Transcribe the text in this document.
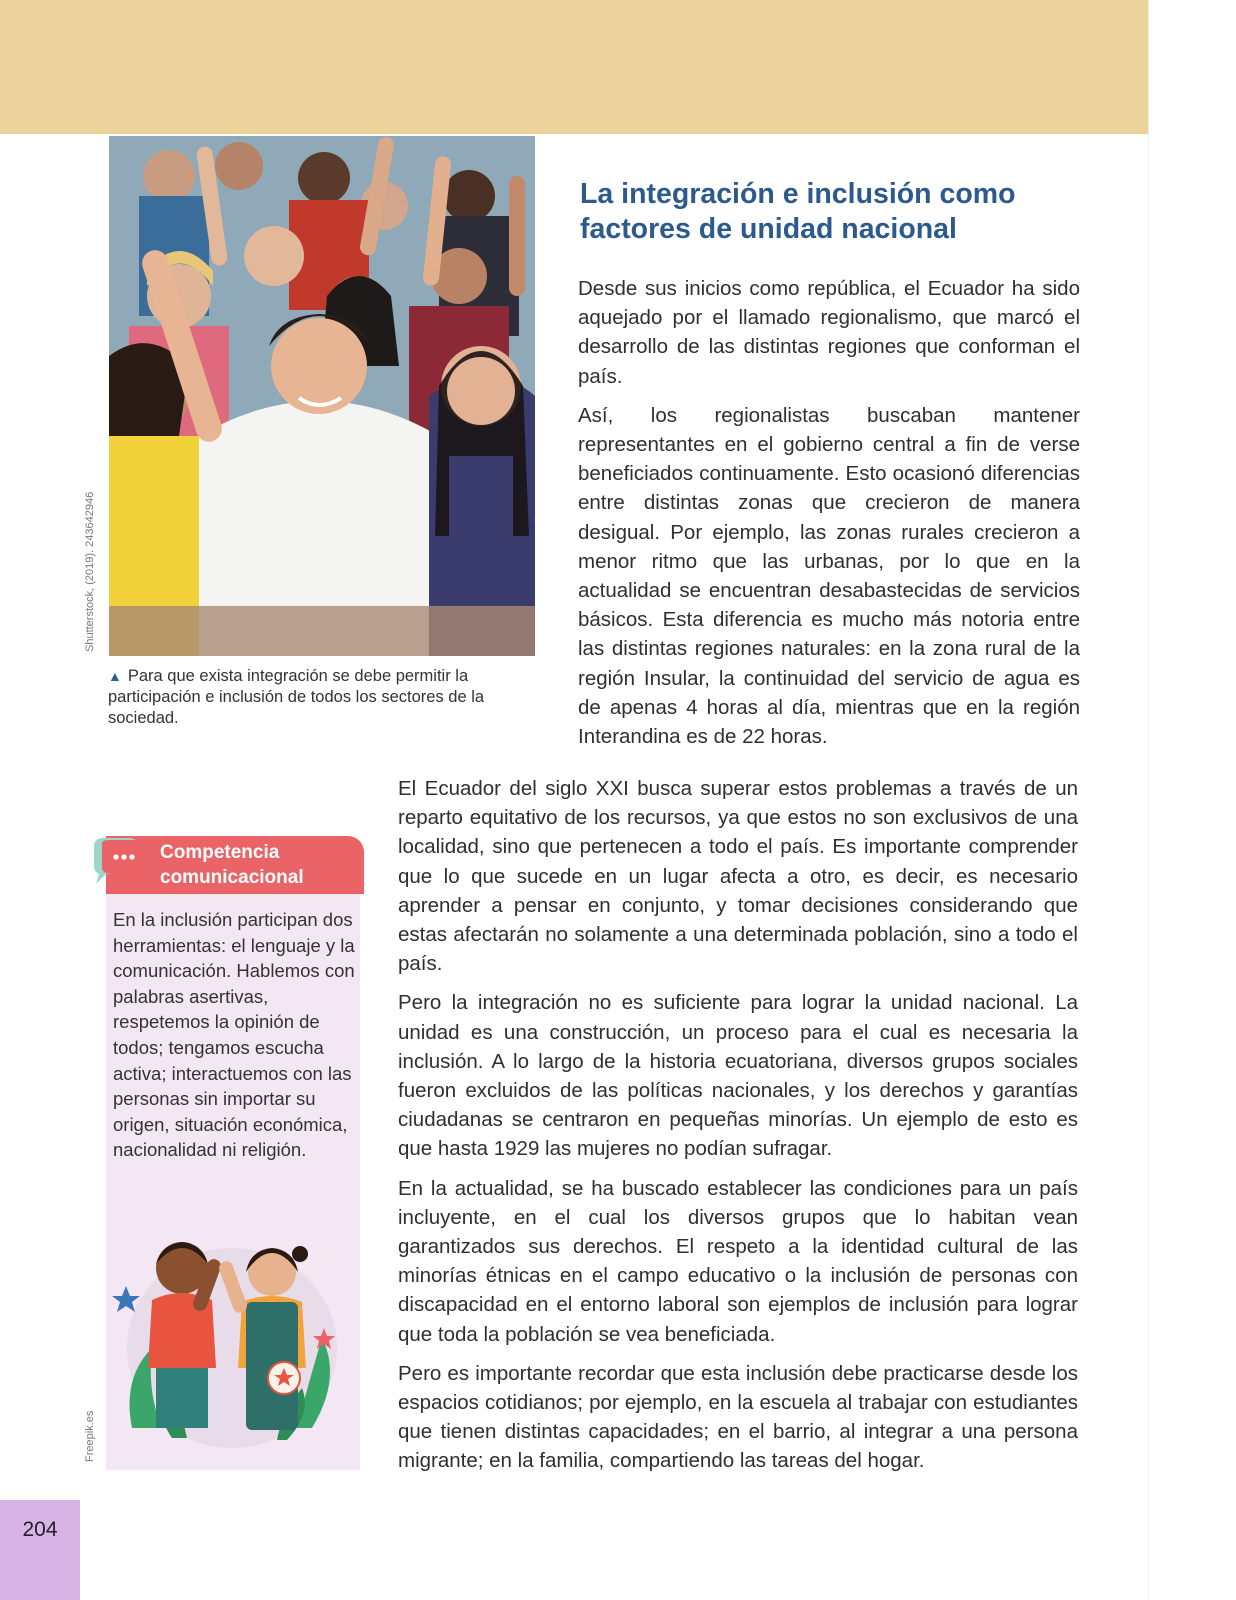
Shutterstock, (2019). 243642946

▲ Para que exista integración se debe permitir la participación e inclusión de todos los sectores de la sociedad.

La integración e inclusión como factores de unidad nacional

Desde sus inicios como república, el Ecuador ha sido aquejado por el llamado regionalismo, que marcó el desarrollo de las distintas regiones que conforman el país.

Así, los regionalistas buscaban mantener representantes en el gobierno central a fin de verse beneficiados continuamente. Esto ocasionó diferencias entre distintas zonas que crecieron de manera desigual. Por ejemplo, las zonas rurales crecieron a menor ritmo que las urbanas, por lo que en la actualidad se encuentran desabastecidas de servicios básicos. Esta diferencia es mucho más notoria entre las distintas regiones naturales: en la zona rural de la región Insular, la continuidad del servicio de agua es de apenas 4 horas al día, mientras que en la región Interandina es de 22 horas.

El Ecuador del siglo XXI busca superar estos problemas a través de un reparto equitativo de los recursos, ya que estos no son exclusivos de una localidad, sino que pertenecen a todo el país. Es importante comprender que lo que sucede en un lugar afecta a otro, es decir, es necesario aprender a pensar en conjunto, y tomar decisiones considerando que estas afectarán no solamente a una determinada población, sino a todo el país.

Pero la integración no es suficiente para lograr la unidad nacional. La unidad es una construcción, un proceso para el cual es necesaria la inclusión. A lo largo de la historia ecuatoriana, diversos grupos sociales fueron excluidos de las políticas nacionales, y los derechos y garantías ciudadanas se centraron en pequeñas minorías. Un ejemplo de esto es que hasta 1929 las mujeres no podían sufragar.

En la actualidad, se ha buscado establecer las condiciones para un país incluyente, en el cual los diversos grupos que lo habitan vean garantizados sus derechos. El respeto a la identidad cultural de las minorías étnicas en el campo educativo o la inclusión de personas con discapacidad en el entorno laboral son ejemplos de inclusión para lograr que toda la población se vea beneficiada.

Pero es importante recordar que esta inclusión debe practicarse desde los espacios cotidianos; por ejemplo, en la escuela al trabajar con estudiantes que tienen distintas capacidades; en el barrio, al integrar a una persona migrante; en la familia, compartiendo las tareas del hogar.

Competencia comunicacional

En la inclusión participan dos herramientas: el lenguaje y la comunicación. Hablemos con palabras asertivas, respetemos la opinión de todos; tengamos escucha activa; interactuemos con las personas sin importar su origen, situación económica, nacionalidad ni religión.

Freepik.es
204
